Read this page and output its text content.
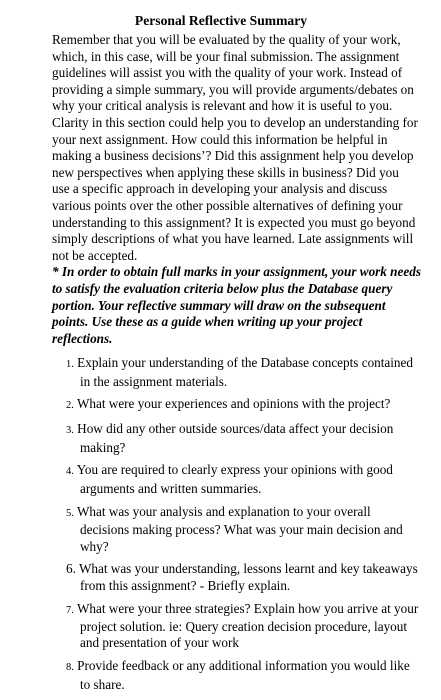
Personal Reflective Summary

Remember that you will be evaluated by the quality of your work, which, in this case, will be your final submission. The assignment guidelines will assist you with the quality of your work. Instead of providing a simple summary, you will provide arguments/debates on why your critical analysis is relevant and how it is useful to you. Clarity in this section could help you to develop an understanding for your next assignment. How could this information be helpful in making a business decisions’? Did this assignment help you develop new perspectives when applying these skills in business? Did you use a specific approach in developing your analysis and discuss various points over the other possible alternatives of defining your understanding to this assignment? It is expected you must go beyond simply descriptions of what you have learned. Late assignments will not be accepted.

* In order to obtain full marks in your assignment, your work needs to satisfy the evaluation criteria below plus the Database query portion. Your reflective summary will draw on the subsequent points. Use these as a guide when writing up your project reflections.

1. Explain your understanding of the Database concepts contained in the assignment materials.
2. What were your experiences and opinions with the project?
3. How did any other outside sources/data affect your decision making?
4. You are required to clearly express your opinions with good arguments and written summaries.
5. What was your analysis and explanation to your overall decisions making process? What was your main decision and why?
6. What was your understanding, lessons learnt and key takeaways from this assignment? - Briefly explain.
7. What were your three strategies? Explain how you arrive at your project solution. ie: Query creation decision procedure, layout and presentation of your work
8. Provide feedback or any additional information you would like to share.
